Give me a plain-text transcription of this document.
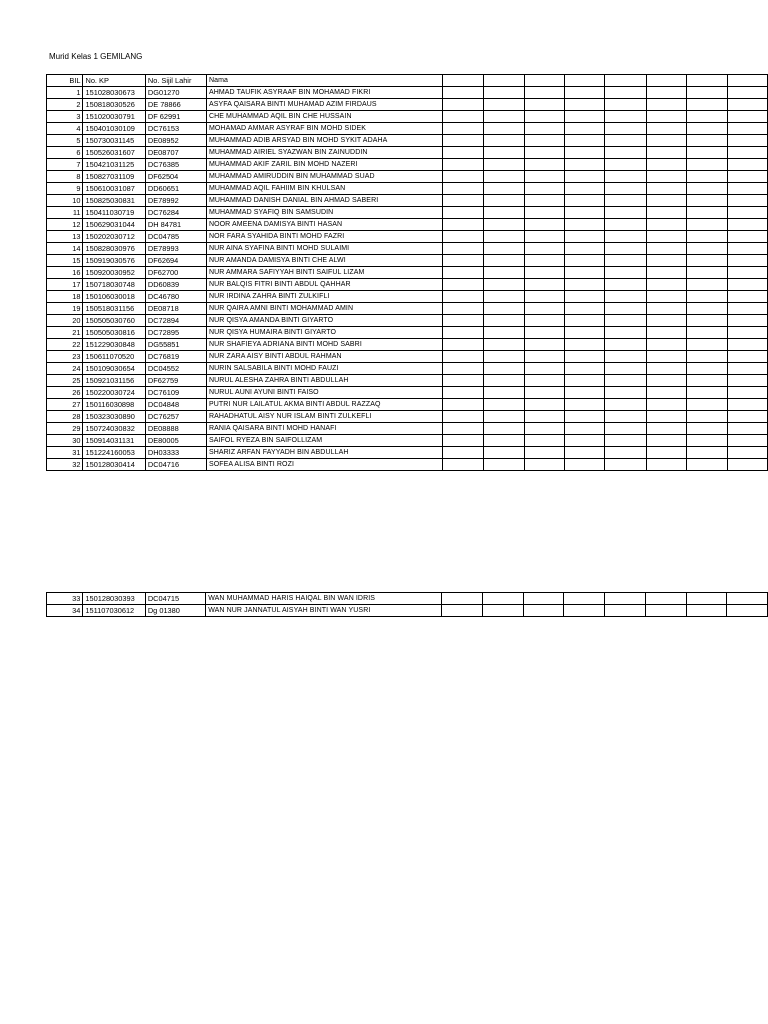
Murid Kelas 1 GEMILANG
BIL	No. KP	No. Sijil Lahir	Nama								
1	151028030673	DG01270	AHMAD TAUFIK ASYRAAF BIN MOHAMAD FIKRI								
2	150818030526	DE 78866	ASYFA QAISARA BINTI MUHAMAD AZIM FIRDAUS								
3	151020030791	DF 62991	CHE MUHAMMAD AQIL BIN CHE HUSSAIN								
4	150401030109	DC76153	MOHAMAD AMMAR ASYRAF BIN MOHD SIDEK								
5	150730031145	DE08952	MUHAMMAD ADIB ARSYAD BIN MOHD SYKIT ADAHA								
6	150526031607	DE08707	MUHAMMAD AIRIEL SYAZWAN BIN ZAINUDDIN								
7	150421031125	DC76385	MUHAMMAD AKIF ZARIL BIN MOHD NAZERI								
8	150827031109	DF62504	MUHAMMAD AMIRUDDIN BIN MUHAMMAD SUAD								
9	150610031087	DD60651	MUHAMMAD AQIL FAHIIM BIN KHULSAN								
10	150825030831	DE78992	MUHAMMAD DANISH DANIAL BIN AHMAD SABERI								
11	150411030719	DC76284	MUHAMMAD SYAFIQ BIN SAMSUDIN								
12	150629031044	DH 84781	NOOR AMEENA DAMISYA BINTI HASAN								
13	150202030712	DC04785	NOR FARA SYAHIDA BINTI MOHD FAZRI								
14	150828030976	DE78993	NUR AINA SYAFINA BINTI MOHD SULAIMI								
15	150919030576	DF62694	NUR AMANDA DAMISYA BINTI CHE ALWI								
16	150920030952	DF62700	NUR AMMARA SAFIYYAH BINTI SAIFUL LIZAM								
17	150718030748	DD60839	NUR BALQIS FITRI BINTI ABDUL QAHHAR								
18	150106030018	DC46780	NUR IRDINA ZAHRA BINTI ZULKIFLI								
19	150518031156	DE08718	NUR QAIRA AMNI BINTI MOHAMMAD AMIN								
20	150505030760	DC72894	NUR QISYA AMANDA BINTI GIYARTO								
21	150505030816	DC72895	NUR QISYA HUMAIRA BINTI GIYARTO								
22	151229030848	DG55851	NUR SHAFIEYA ADRIANA BINTI MOHD SABRI								
23	150611070520	DC76819	NUR ZARA AISY BINTI ABDUL RAHMAN								
24	150109030654	DC04552	NURIN SALSABILA BINTI MOHD FAUZI								
25	150921031156	DF62759	NURUL ALESHA ZAHRA BINTI ABDULLAH								
26	150220030724	DC76109	NURUL AUNI AYUNI BINTI FAISO								
27	150116030898	DC04848	PUTRI NUR LAILATUL AKMA BINTI ABDUL RAZZAQ								
28	150323030890	DC76257	RAHADHATUL AISY NUR ISLAM BINTI ZULKEFLI								
29	150724030832	DE08888	RANIA QAISARA BINTI MOHD HANAFI								
30	150914031131	DE80005	SAIFOL RYEZA BIN SAIFOLLIZAM								
31	151224160053	DH03333	SHARIZ ARFAN FAYYADH BIN ABDULLAH								
32	150128030414	DC04716	SOFEA ALISA BINTI ROZI								
33	150128030393	DC04715	WAN MUHAMMAD HARIS HAIQAL BIN WAN IDRIS								
34	151107030612	Dg 01380	WAN NUR JANNATUL AISYAH BINTI WAN YUSRI								
